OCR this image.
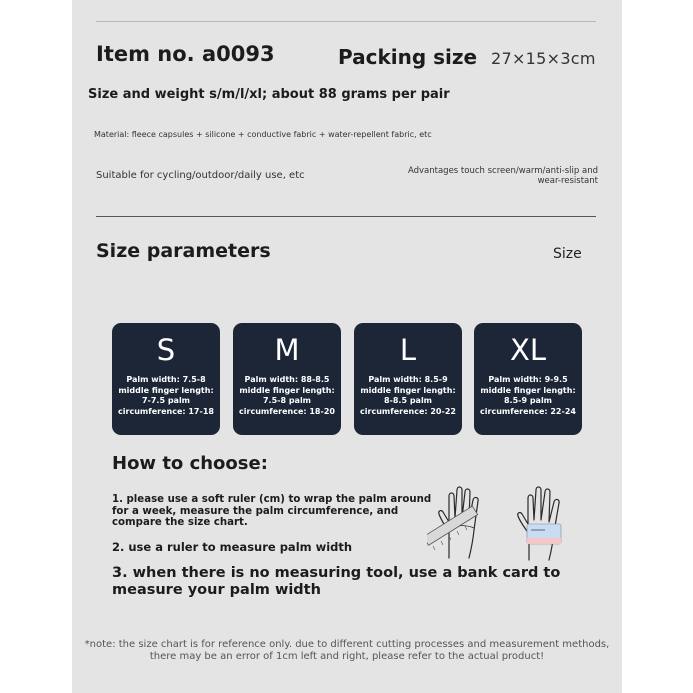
Item no. a0093	Packing size 27×15×3cm
Size and weight s/m/l/xl; about 88 grams per pair
Material: fleece capsules + silicone + conductive fabric + water-repellent fabric, etc
Suitable for cycling/outdoor/daily use, etc	Advantages touch screen/warm/anti-slip and
wear-resistant
Size parameters	Size
S
Palm width: 7.5-8
middle finger length:
7-7.5 palm
circumference: 17-18
M
Palm width: 88-8.5
middle finger length:
7.5-8 palm
circumference: 18-20
L
Palm width: 8.5-9
middle finger length:
8-8.5 palm
circumference: 20-22
XL
Palm width: 9-9.5
middle finger length:
8.5-9 palm
circumference: 22-24
How to choose:
1. please use a soft ruler (cm) to wrap the palm around for a week, measure the palm circumference, and compare the size chart.
2. use a ruler to measure palm width
3. when there is no measuring tool, use a bank card to measure your palm width
*note: the size chart is for reference only. due to different cutting processes and measurement methods, there may be an error of 1cm left and right, please refer to the actual product!
